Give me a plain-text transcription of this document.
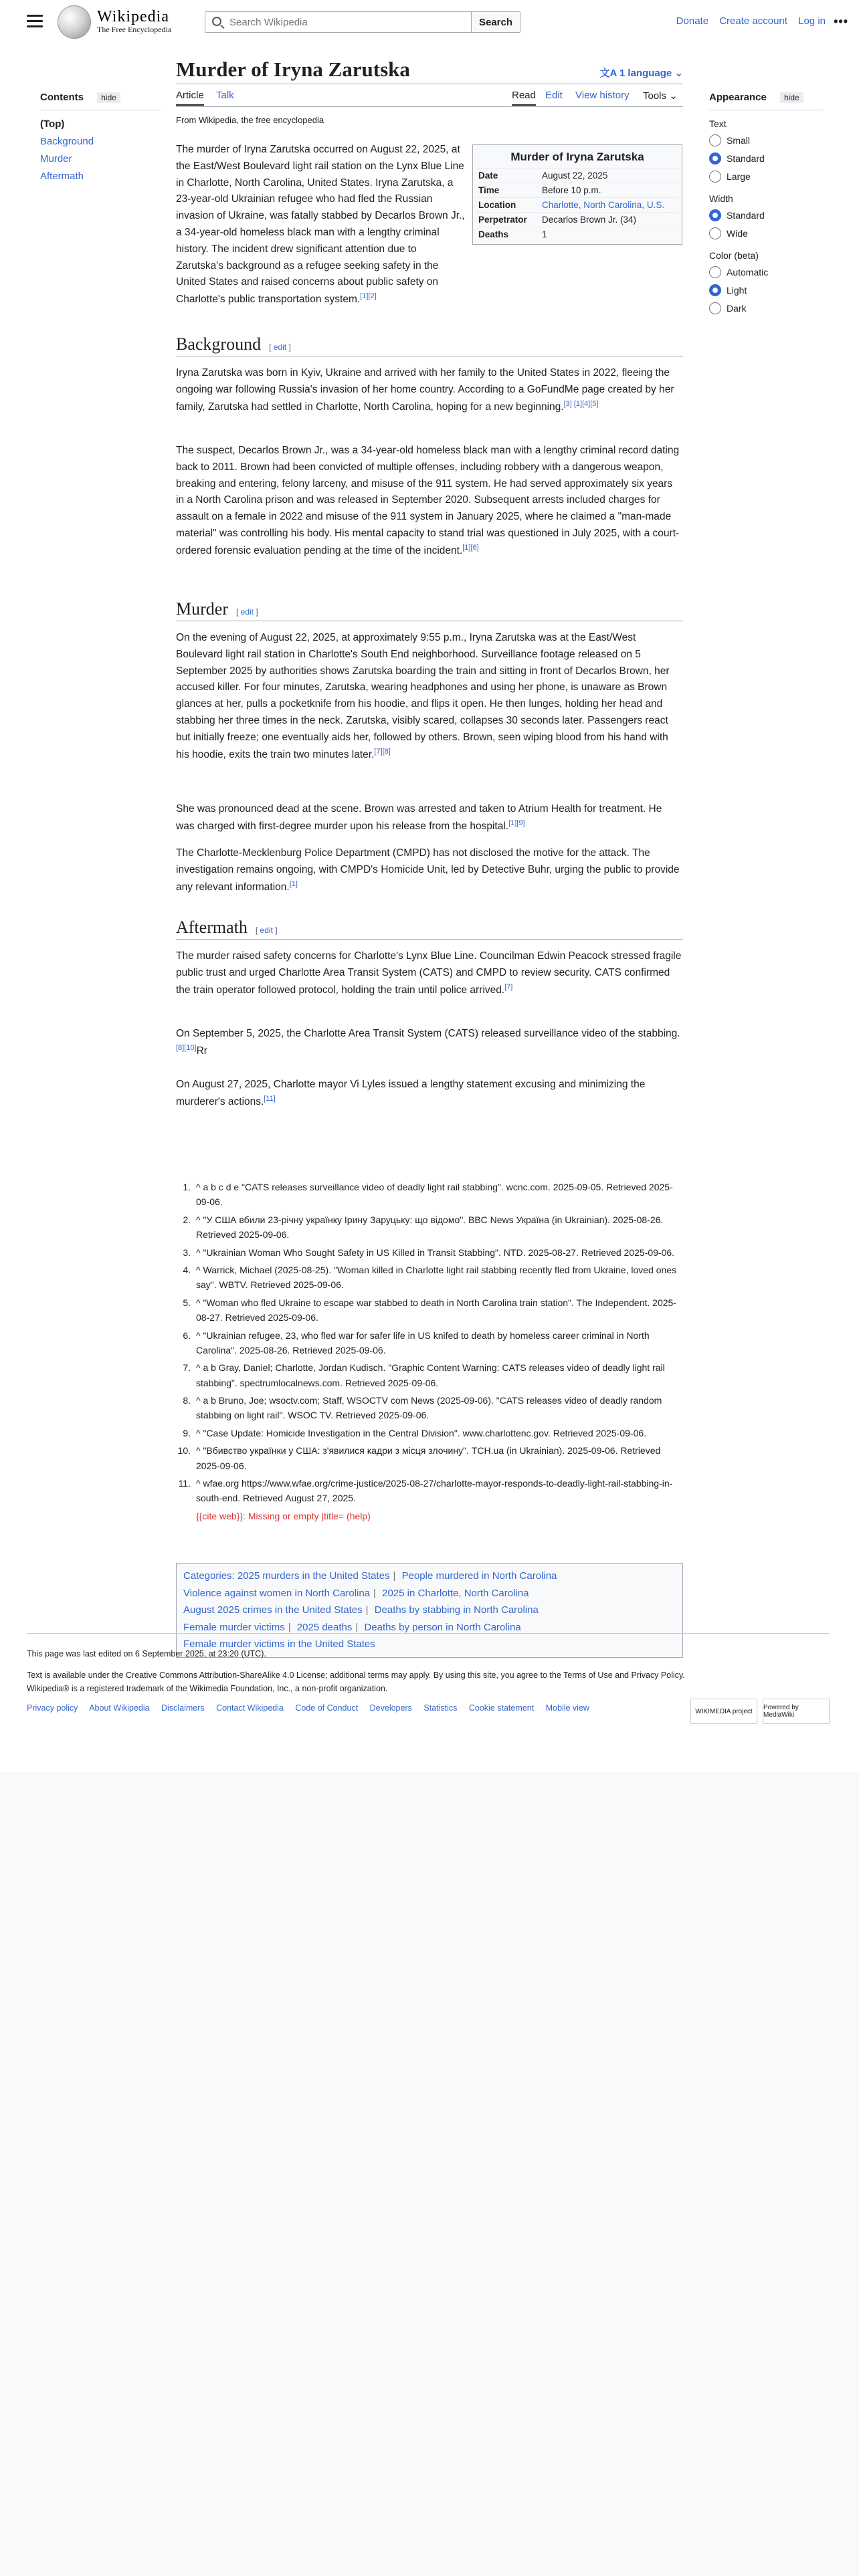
Wikipedia
The Free Encyclopedia
Search Wikipedia
Search	Donate Create account Log in •••
Contents hide
(Top)
Background
Murder
Aftermath
Murder of Iryna Zarutska	文A 1 language ⌄
Article Talk	Read Edit View history Tools ⌄
From Wikipedia, the free encyclopedia

The murder of Iryna Zarutska occurred on August 22, 2025, at the East/West Boulevard light rail station on the Lynx Blue Line in Charlotte, North Carolina, United States. Iryna Zarutska, a 23-year-old Ukrainian refugee who had fled the Russian invasion of Ukraine, was fatally stabbed by Decarlos Brown Jr., a 34-year-old homeless black man with a lengthy criminal history. The incident drew significant attention due to Zarutska's background as a refugee seeking safety in the United States and raised concerns about public safety on Charlotte's public transportation system.[1][2]

Background [ edit ]

Iryna Zarutska was born in Kyiv, Ukraine and arrived with her family to the United States in 2022, fleeing the ongoing war following Russia's invasion of her home country. According to a GoFundMe page created by her family, Zarutska had settled in Charlotte, North Carolina, hoping for a new beginning.[3] [1][4][5]

The suspect, Decarlos Brown Jr., was a 34-year-old homeless black man with a lengthy criminal record dating back to 2011. Brown had been convicted of multiple offenses, including robbery with a dangerous weapon, breaking and entering, felony larceny, and misuse of the 911 system. He had served approximately six years in a North Carolina prison and was released in September 2020. Subsequent arrests included charges for assault on a female in 2022 and misuse of the 911 system in January 2025, where he claimed a "man-made material" was controlling his body. His mental capacity to stand trial was questioned in July 2025, with a court-ordered forensic evaluation pending at the time of the incident.[1][6]

Murder [ edit ]

On the evening of August 22, 2025, at approximately 9:55 p.m., Iryna Zarutska was at the East/West Boulevard light rail station in Charlotte's South End neighborhood. Surveillance footage released on 5 September 2025 by authorities shows Zarutska boarding the train and sitting in front of Decarlos Brown, her accused killer. For four minutes, Zarutska, wearing headphones and using her phone, is unaware as Brown glances at her, pulls a pocketknife from his hoodie, and flips it open. He then lunges, holding her head and stabbing her three times in the neck. Zarutska, visibly scared, collapses 30 seconds later. Passengers react but initially freeze; one eventually aids her, followed by others. Brown, seen wiping blood from his hand with his hoodie, exits the train two minutes later.[7][8]

She was pronounced dead at the scene. Brown was arrested and taken to Atrium Health for treatment. He was charged with first-degree murder upon his release from the hospital.[1][9]

The Charlotte-Mecklenburg Police Department (CMPD) has not disclosed the motive for the attack. The investigation remains ongoing, with CMPD's Homicide Unit, led by Detective Buhr, urging the public to provide any relevant information.[1]

Aftermath [ edit ]

The murder raised safety concerns for Charlotte's Lynx Blue Line. Councilman Edwin Peacock stressed fragile public trust and urged Charlotte Area Transit System (CATS) and CMPD to review security. CATS confirmed the train operator followed protocol, holding the train until police arrived.[7]

On September 5, 2025, the Charlotte Area Transit System (CATS) released surveillance video of the stabbing.[8][10]Rr

On August 27, 2025, Charlotte mayor Vi Lyles issued a lengthy statement excusing and minimizing the murderer's actions.[11]

1. ^ a b c d e "CATS releases surveillance video of deadly light rail stabbing". wcnc.com. 2025-09-05. Retrieved 2025-09-06.
2. ^ "У США вбили 23-річну українку Ірину Заруцьку: що відомо". BBC News Україна (in Ukrainian). 2025-08-26. Retrieved 2025-09-06.
3. ^ "Ukrainian Woman Who Sought Safety in US Killed in Transit Stabbing". NTD. 2025-08-27. Retrieved 2025-09-06.
4. ^ Warrick, Michael (2025-08-25). "Woman killed in Charlotte light rail stabbing recently fled from Ukraine, loved ones say". WBTV. Retrieved 2025-09-06.
5. ^ "Woman who fled Ukraine to escape war stabbed to death in North Carolina train station". The Independent. 2025-08-27. Retrieved 2025-09-06.
6. ^ "Ukrainian refugee, 23, who fled war for safer life in US knifed to death by homeless career criminal in North Carolina". 2025-08-26. Retrieved 2025-09-06.
7. ^ a b Gray, Daniel; Charlotte, Jordan Kudisch. "Graphic Content Warning: CATS releases video of deadly light rail stabbing". spectrumlocalnews.com. Retrieved 2025-09-06.
8. ^ a b Bruno, Joe; wsoctv.com; Staff, WSOCTV com News (2025-09-06). "CATS releases video of deadly random stabbing on light rail". WSOC TV. Retrieved 2025-09-06.
9. ^ "Case Update: Homicide Investigation in the Central Division". www.charlottenc.gov. Retrieved 2025-09-06.
10. ^ "Вбивство українки у США: з'явилися кадри з місця злочину". TCH.ua (in Ukrainian). 2025-09-06. Retrieved 2025-09-06.
11. ^ wfae.org https://www.wfae.org/crime-justice/2025-08-27/charlotte-mayor-responds-to-deadly-light-rail-stabbing-in-south-end. Retrieved August 27, 2025.
{{cite web}}: Missing or empty |title= (help)
Categories: 2025 murders in the United States | People murdered in North Carolina
Violence against women in North Carolina | 2025 in Charlotte, North Carolina
August 2025 crimes in the United States | Deaths by stabbing in North Carolina
Female murder victims | 2025 deaths | Deaths by person in North Carolina
Female murder victims in the United States
Murder of Iryna Zarutska
Date	August 22, 2025
Time	Before 10 p.m.
Location	Charlotte, North Carolina, U.S.
Perpetrator	Decarlos Brown Jr. (34)
Deaths	1
Appearance hide
Text
Small
Standard
Large
Width
Standard
Wide
Color (beta)
Automatic
Light
Dark

This page was last edited on 6 September 2025, at 23:20 (UTC).

Text is available under the Creative Commons Attribution-ShareAlike 4.0 License; additional terms may apply. By using this site, you agree to the Terms of Use and Privacy Policy. Wikipedia® is a registered trademark of the Wikimedia Foundation, Inc., a non-profit organization.

Privacy policy About Wikipedia Disclaimers Contact Wikipedia Code of Conduct Developers Statistics Cookie statement Mobile view	WIKIMEDIA project	Powered by MediaWiki
